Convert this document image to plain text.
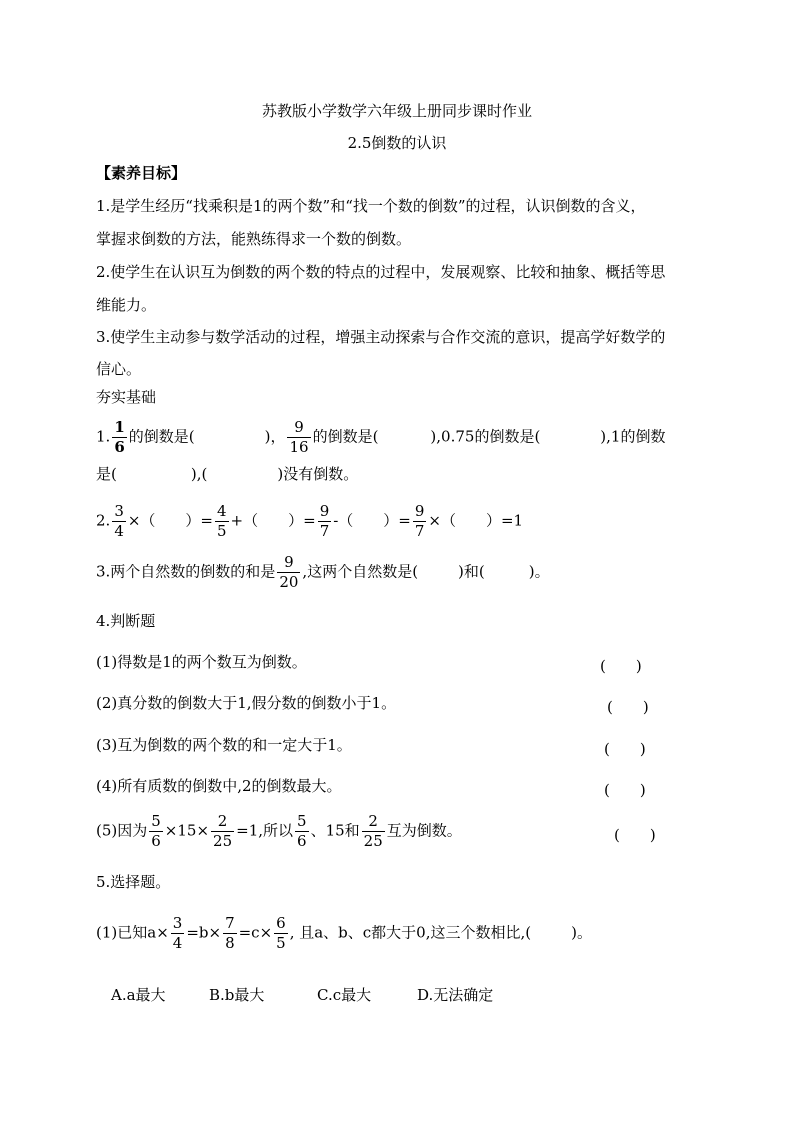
苏教版小学数学六年级上册同步课时作业
2.5倒数的认识
【素养目标】
1.是学生经历“找乘积是1的两个数”和“找一个数的倒数”的过程，认识倒数的含义，
掌握求倒数的方法，能熟练得求一个数的倒数。
2.使学生在认识互为倒数的两个数的特点的过程中，发展观察、比较和抽象、概括等思
维能力。
3.使学生主动参与数学活动的过程，增强主动探索与合作交流的意识，提高学好数学的
信心。
夯实基础
1. $\frac{1}{6}$ 的倒数是(	)， $\frac{9}{16}$ 的倒数是(	),0.75的倒数是(	),1的倒数
是(	),(	)没有倒数。
2. $\frac{3}{4}$ ×（　　）= $\frac{4}{5}$ +（　　）= $\frac{9}{7}$ -（　　）= $\frac{9}{7}$ ×（　　）=1
3.两个自然数的倒数的和是 $\frac{9}{20}$ ,这两个自然数是(	)和(	)。
4.判断题
(1)得数是1的两个数互为倒数。	(　　)
(2)真分数的倒数大于1,假分数的倒数小于1。	(　　)
(3)互为倒数的两个数的和一定大于1。	(　　)
(4)所有质数的倒数中,2的倒数最大。	(　　)
(5)因为 $\frac{5}{6} \times 15\times \frac{2}{25} =1$,所以 $\frac{5}{6}$ 、15和 $\frac{2}{25}$ 互为倒数。	(　　)
5.选择题。
(1)已知$a\times \frac{3}{4} =b\times \frac{7}{8} =c\times \frac{6}{5}$ , 且a、b、c都大于0,这三个数相比,(	)。
A.a最大	B.b最大	C.c最大	D.无法确定
